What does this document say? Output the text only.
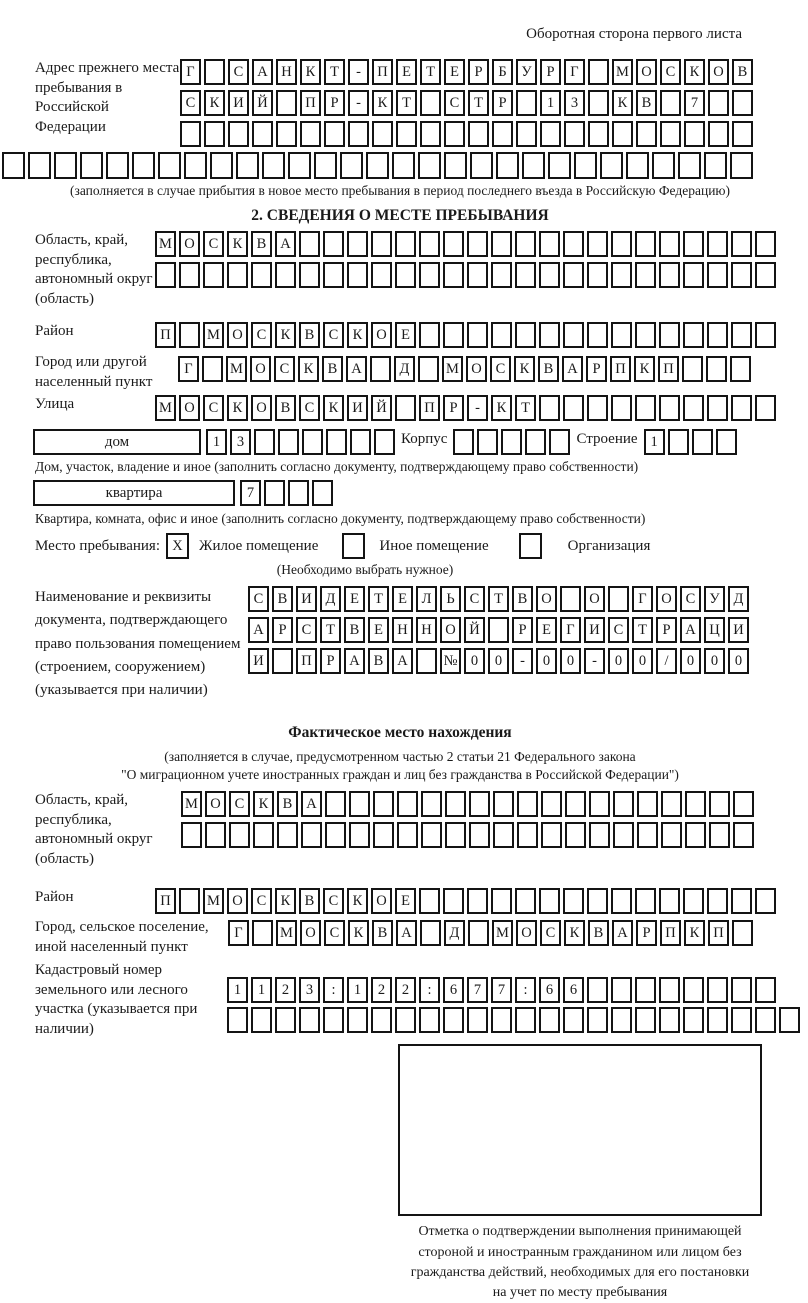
Оборотная сторона первого листа
Адрес прежнего места пребывания в Российской Федерации
Г	С А Н К	Т	-	П Е	Т	Е	Р	Б	У	Р	Г	М О С К О В
С К И Й	П	Р	-	К	Т	С	Т	Р	1	3	К В	7
(заполняется в случае прибытия в новое место пребывания в период последнего въезда в Российскую Федерацию)
2. СВЕДЕНИЯ О МЕСТЕ ПРЕБЫВАНИЯ
Область, край, республика, автономный округ (область)
М О С К В А
Район	П	М О С К В С К О Е
Город или другой населенный пункт
Г	М О С К В А	Д	М О С К В А	Р	П К П
Улица	М О С К О В С К И Й	П	Р	-	К	Т
дом	1	3	Корпус	Строение 1
Дом, участок, владение и иное (заполнить согласно документу, подтверждающему право собственности)
квартира	7
Квартира, комната, офис и иное (заполнить согласно документу, подтверждающему право собственности)
Место пребывания: X	Жилое помещение	Иное помещение	Организация
(Необходимо выбрать нужное)
Наименование и реквизиты документа, подтверждающего право пользования помещением (строением, сооружением) (указывается при наличии)
С В И Д	Е	Т	Е	Л	Ь	С	Т	В О	О	Г	О С У Д
А	Р	С	Т	В	Е Н Н О Й	Р	Е	Г	И С	Т	Р	А Ц И
И	П	Р	А В А	№ 0	0	-	0	0	-	0	0	/	0	0	0
Фактическое место нахождения
(заполняется в случае, предусмотренном частью 2 статьи 21 Федерального закона
"О миграционном учете иностранных граждан и лиц без гражданства в Российской Федерации")
Область, край, республика, автономный округ (область)
М О С К В А
Район	П	М О С К В С К О Е
Город, сельское поселение, иной населенный пункт
Г	М О С К В А	Д	М О С К В А	Р	П К П
Кадастровый номер земельного или лесного участка (указывается при наличии)
1	1	2	3	:	1	2	2	:	6	7	7	:	6	6
Отметка о подтверждении выполнения принимающей
стороной и иностранным гражданином или лицом без
гражданства действий, необходимых для его постановки
на учет по месту пребывания
